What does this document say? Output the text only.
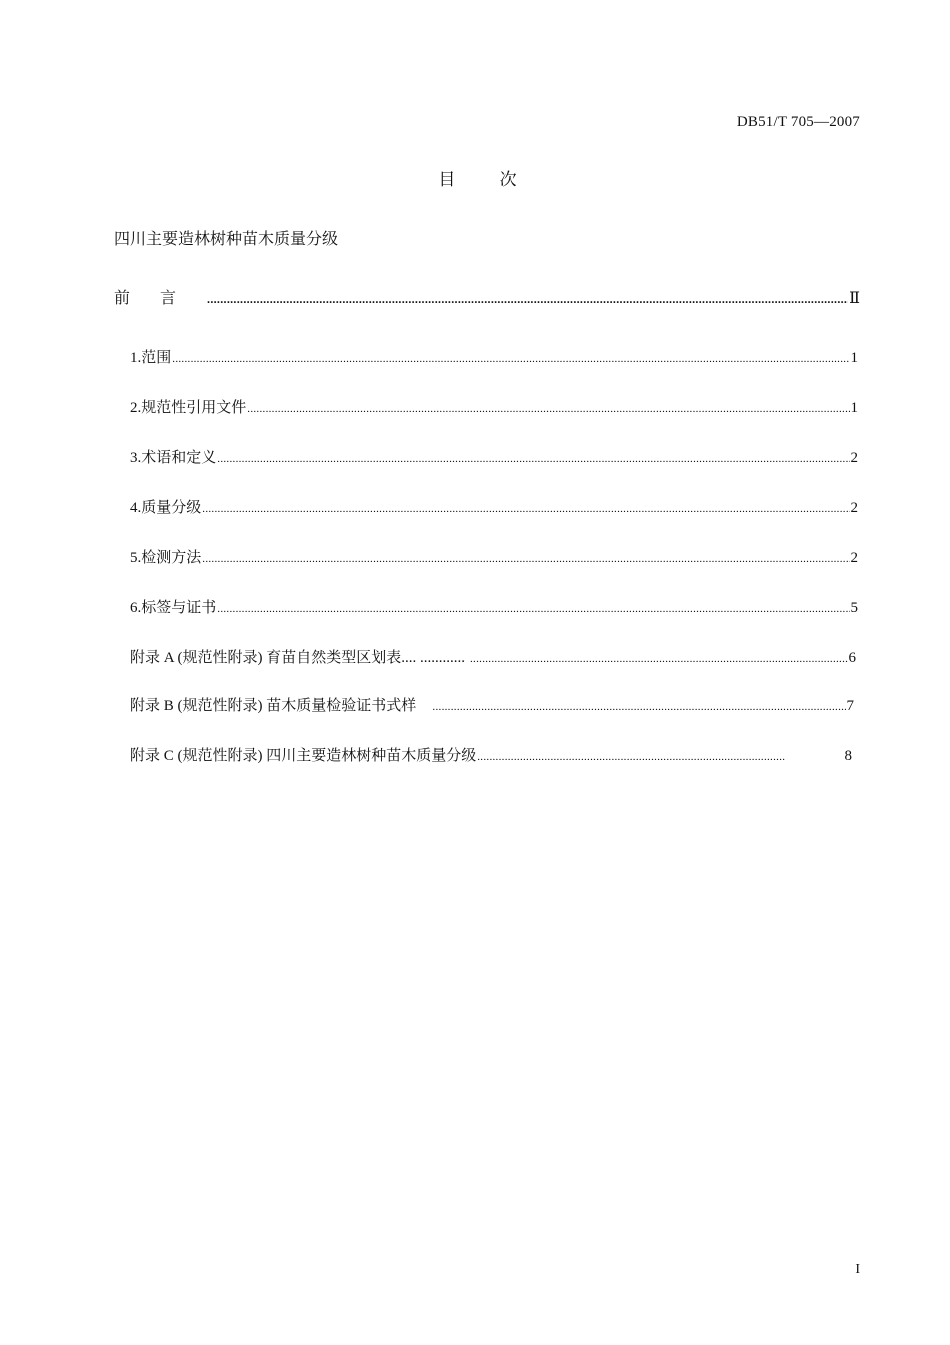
DB51/T 705—2007
目 次
四川主要造林树种苗木质量分级
前言 .....	Ⅱ
1.范围 .....	1
2.规范性引用文件 .....	1
3.术语和定义 .....	2
4.质量分级 .....	2
5.检测方法 .....	2
6.标签与证书 .....	5
附录 A (规范性附录) 育苗自然类型区划表.... ............ .....	6
附录 B (规范性附录) 苗木质量检验证书式样 .....	7
附录 C (规范性附录) 四川主要造林树种苗木质量分级 .....	8
I
